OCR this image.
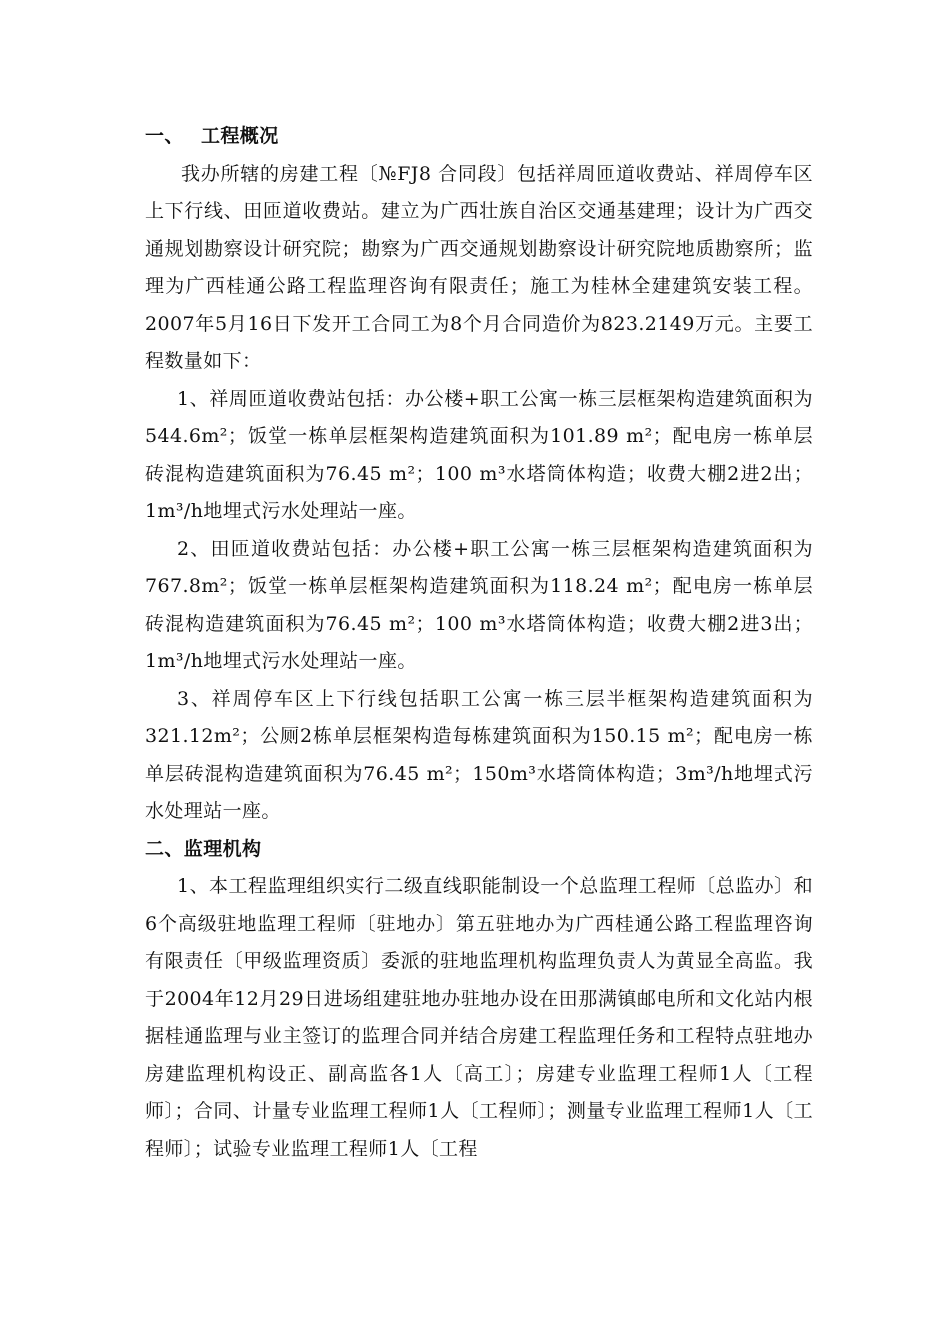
一、 工程概况

我办所辖的房建工程〔№FJ8 合同段〕包括祥周匝道收费站、祥周停车区上下行线、田匝道收费站。建立为广西壮族自治区交通基建理；设计为广西交通规划勘察设计研究院；勘察为广西交通规划勘察设计研究院地质勘察所；监理为广西桂通公路工程监理咨询有限责任；施工为桂林全建建筑安装工程。2007年5月16日下发开工合同工为8个月合同造价为823.2149万元。主要工程数量如下：

1、祥周匝道收费站包括：办公楼+职工公寓一栋三层框架构造建筑面积为544.6m²；饭堂一栋单层框架构造建筑面积为101.89 m²；配电房一栋单层砖混构造建筑面积为76.45 m²；100 m³水塔筒体构造；收费大棚2进2出；1m³/h地埋式污水处理站一座。

2、田匝道收费站包括：办公楼+职工公寓一栋三层框架构造建筑面积为767.8m²；饭堂一栋单层框架构造建筑面积为118.24 m²；配电房一栋单层砖混构造建筑面积为76.45 m²；100 m³水塔筒体构造；收费大棚2进3出；1m³/h地埋式污水处理站一座。

3、祥周停车区上下行线包括职工公寓一栋三层半框架构造建筑面积为321.12m²；公厕2栋单层框架构造每栋建筑面积为150.15 m²；配电房一栋单层砖混构造建筑面积为76.45 m²；150m³水塔筒体构造；3m³/h地埋式污水处理站一座。

二、监理机构

1、本工程监理组织实行二级直线职能制设一个总监理工程师〔总监办〕和6个高级驻地监理工程师〔驻地办〕第五驻地办为广西桂通公路工程监理咨询有限责任〔甲级监理资质〕委派的驻地监理机构监理负责人为黄显全高监。我于2004年12月29日进场组建驻地办驻地办设在田那满镇邮电所和文化站内根据桂通监理与业主签订的监理合同并结合房建工程监理任务和工程特点驻地办房建监理机构设正、副高监各1人〔高工〕；房建专业监理工程师1人〔工程师〕；合同、计量专业监理工程师1人〔工程师〕；测量专业监理工程师1人〔工程师〕；试验专业监理工程师1人〔工程
